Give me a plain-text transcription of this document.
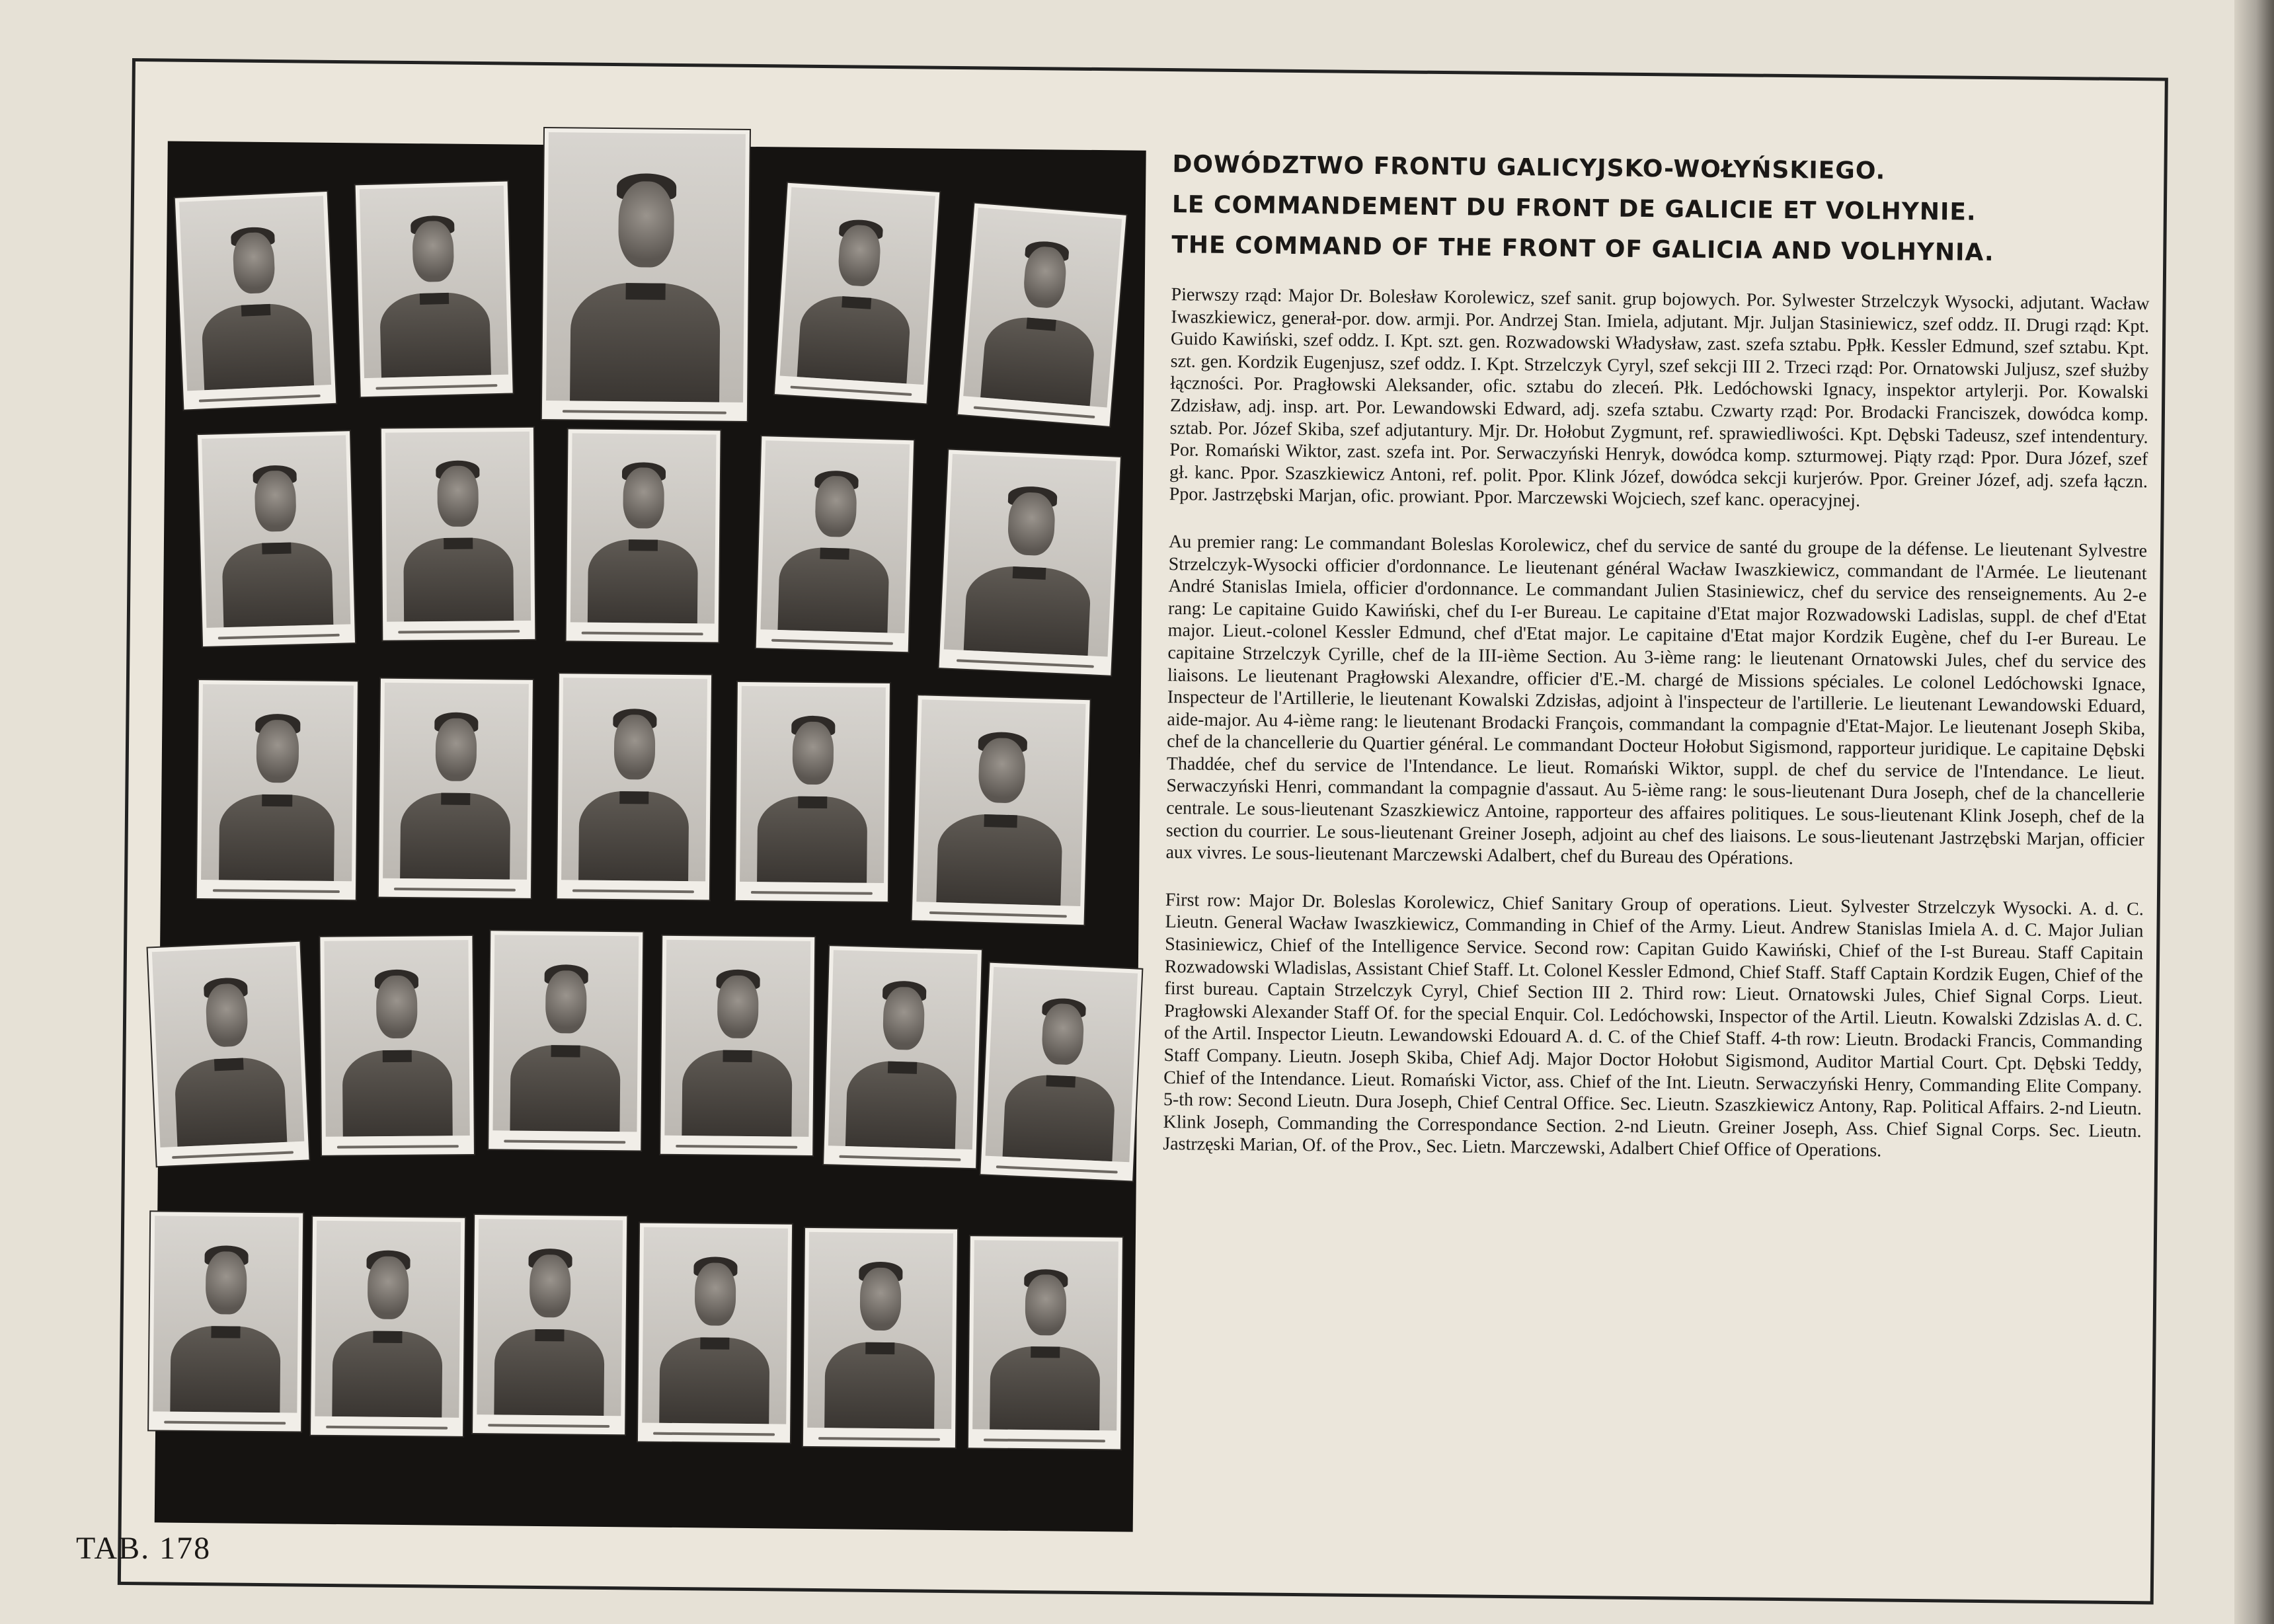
DOWÓDZTWO FRONTU GALICYJSKO-WOŁYŃSKIEGO.
LE COMMANDEMENT DU FRONT DE GALICIE ET VOLHYNIE.
THE COMMAND OF THE FRONT OF GALICIA AND VOLHYNIA.

Pierwszy rząd: Major Dr. Bolesław Korolewicz, szef sanit. grup bojowych. Por. Sylwester Strzelczyk Wysocki, adjutant. Wacław Iwaszkiewicz, generał-por. dow. armji. Por. Andrzej Stan. Imiela, adjutant. Mjr. Juljan Stasiniewicz, szef oddz. II. Drugi rząd: Kpt. Guido Kawiński, szef oddz. I. Kpt. szt. gen. Rozwadowski Władysław, zast. szefa sztabu. Ppłk. Kessler Edmund, szef sztabu. Kpt. szt. gen. Kordzik Eugenjusz, szef oddz. I. Kpt. Strzelczyk Cyryl, szef sekcji III 2. Trzeci rząd: Por. Ornatowski Juljusz, szef służby łączności. Por. Pragłowski Aleksander, ofic. sztabu do zleceń. Płk. Ledóchowski Ignacy, inspektor artylerji. Por. Kowalski Zdzisław, adj. insp. art. Por. Lewandowski Edward, adj. szefa sztabu. Czwarty rząd: Por. Brodacki Franciszek, dowódca komp. sztab. Por. Józef Skiba, szef adjutantury. Mjr. Dr. Hołobut Zygmunt, ref. sprawiedliwości. Kpt. Dębski Tadeusz, szef intendentury. Por. Romański Wiktor, zast. szefa int. Por. Serwaczyński Henryk, dowódca komp. szturmowej. Piąty rząd: Ppor. Dura Józef, szef gł. kanc. Ppor. Szaszkiewicz Antoni, ref. polit. Ppor. Klink Józef, dowódca sekcji kurjerów. Ppor. Greiner Józef, adj. szefa łączn. Ppor. Jastrzębski Marjan, ofic. prowiant. Ppor. Marczewski Wojciech, szef kanc. operacyjnej.

Au premier rang: Le commandant Boleslas Korolewicz, chef du service de santé du groupe de la défense. Le lieutenant Sylvestre Strzelczyk-Wysocki officier d'ordonnance. Le lieutenant général Wacław Iwaszkiewicz, commandant de l'Armée. Le lieutenant André Stanislas Imiela, officier d'ordonnance. Le commandant Julien Stasiniewicz, chef du service des renseignements. Au 2-e rang: Le capitaine Guido Kawiński, chef du I-er Bureau. Le capitaine d'Etat major Rozwadowski Ladislas, suppl. de chef d'Etat major. Lieut.-colonel Kessler Edmund, chef d'Etat major. Le capitaine d'Etat major Kordzik Eugène, chef du I-er Bureau. Le capitaine Strzelczyk Cyrille, chef de la III-ième Section. Au 3-ième rang: le lieutenant Ornatowski Jules, chef du service des liaisons. Le lieutenant Pragłowski Alexandre, officier d'E.-M. chargé de Missions spéciales. Le colonel Ledóchowski Ignace, Inspecteur de l'Artillerie, le lieutenant Kowalski Zdzisłas, adjoint à l'inspecteur de l'artillerie. Le lieutenant Lewandowski Eduard, aide-major. Au 4-ième rang: le lieutenant Brodacki François, commandant la compagnie d'Etat-Major. Le lieutenant Joseph Skiba, chef de la chancellerie du Quartier général. Le commandant Docteur Hołobut Sigismond, rapporteur juridique. Le capitaine Dębski Thaddée, chef du service de l'Intendance. Le lieut. Romański Wiktor, suppl. de chef du service de l'Intendance. Le lieut. Serwaczyński Henri, commandant la compagnie d'assaut. Au 5-ième rang: le sous-lieutenant Dura Joseph, chef de la chancellerie centrale. Le sous-lieutenant Szaszkiewicz Antoine, rapporteur des affaires politiques. Le sous-lieutenant Klink Joseph, chef de la section du courrier. Le sous-lieutenant Greiner Joseph, adjoint au chef des liaisons. Le sous-lieutenant Jastrzębski Marjan, officier aux vivres. Le sous-lieutenant Marczewski Adalbert, chef du Bureau des Opérations.

First row: Major Dr. Boleslas Korolewicz, Chief Sanitary Group of operations. Lieut. Sylvester Strzelczyk Wysocki. A. d. C. Lieutn. General Wacław Iwaszkiewicz, Commanding in Chief of the Army. Lieut. Andrew Stanislas Imiela A. d. C. Major Julian Stasiniewicz, Chief of the Intelligence Service. Second row: Capitan Guido Kawiński, Chief of the I-st Bureau. Staff Capitain Rozwadowski Wladislas, Assistant Chief Staff. Lt. Colonel Kessler Edmond, Chief Staff. Staff Captain Kordzik Eugen, Chief of the first bureau. Captain Strzelczyk Cyryl, Chief Section III 2. Third row: Lieut. Ornatowski Jules, Chief Signal Corps. Lieut. Pragłowski Alexander Staff Of. for the special Enquir. Col. Ledóchowski, Inspector of the Artil. Lieutn. Kowalski Zdzislas A. d. C. of the Artil. Inspector Lieutn. Lewandowski Edouard A. d. C. of the Chief Staff. 4-th row: Lieutn. Brodacki Francis, Commanding Staff Company. Lieutn. Joseph Skiba, Chief Adj. Major Doctor Hołobut Sigismond, Auditor Martial Court. Cpt. Dębski Teddy, Chief of the Intendance. Lieut. Romański Victor, ass. Chief of the Int. Lieutn. Serwaczyński Henry, Commanding Elite Company. 5-th row: Second Lieutn. Dura Joseph, Chief Central Office. Sec. Lieutn. Szaszkiewicz Antony, Rap. Political Affairs. 2-nd Lieutn. Klink Joseph, Commanding the Correspondance Section. 2-nd Lieutn. Greiner Joseph, Ass. Chief Signal Corps. Sec. Lieutn. Jastrzęski Marian, Of. of the Prov., Sec. Lietn. Marczewski, Adalbert Chief Office of Operations.

TAB. 178
